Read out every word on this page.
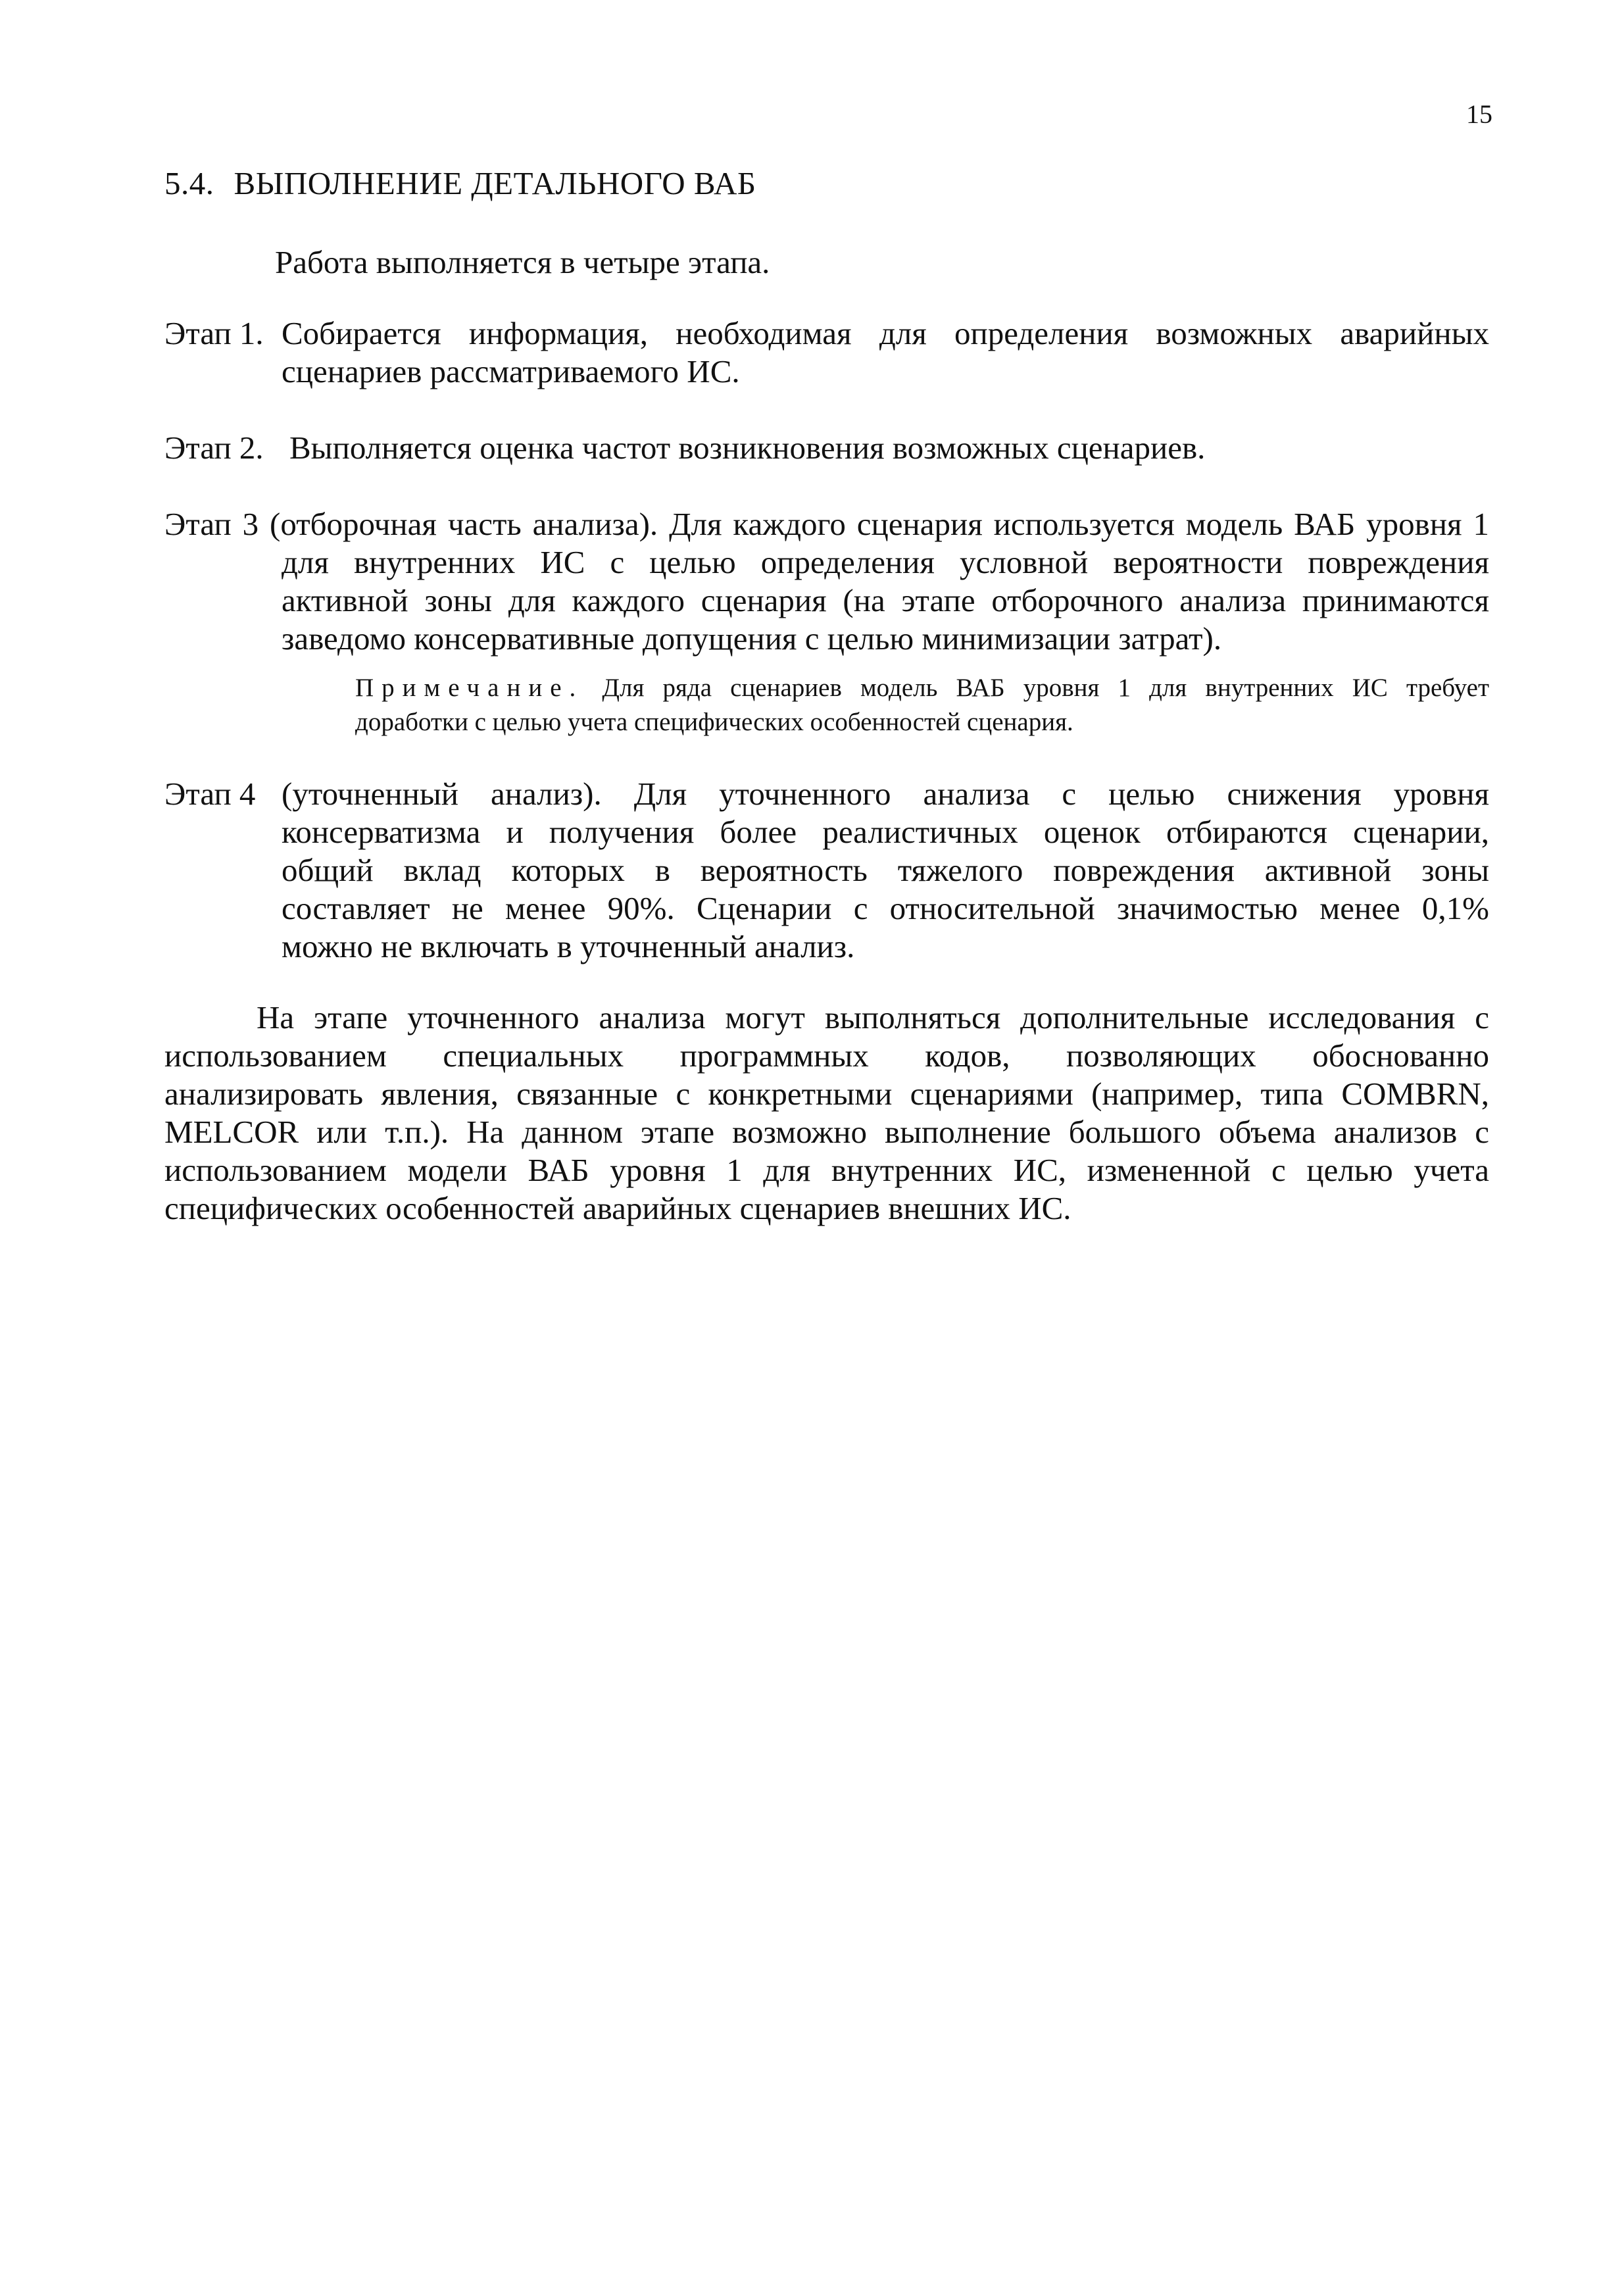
15
5.4. ВЫПОЛНЕНИЕ ДЕТАЛЬНОГО ВАБ
Работа выполняется в четыре этапа.
Этап 1. Собирается информация, необходимая для определения возможных аварийных
сценариев рассматриваемого ИС.
Этап 2. Выполняется оценка частот возникновения возможных сценариев.
Этап 3 (отборочная часть анализа). Для каждого сценария используется модель ВАБ уровня 1
для внутренних ИС с целью определения условной вероятности повреждения
активной зоны для каждого сценария (на этапе отборочного анализа принимаются
заведомо консервативные допущения с целью минимизации затрат).
Примечание. Для ряда сценариев модель ВАБ уровня 1 для внутренних ИС требует
доработки с целью учета специфических особенностей сценария.
Этап 4 (уточненный анализ). Для уточненного анализа с целью снижения уровня
консерватизма и получения более реалистичных оценок отбираются сценарии,
общий вклад которых в вероятность тяжелого повреждения активной зоны
составляет не менее 90%. Сценарии с относительной значимостью менее 0,1%
можно не включать в уточненный анализ.
На этапе уточненного анализа могут выполняться дополнительные исследования с
использованием специальных программных кодов, позволяющих обоснованно
анализировать явления, связанные с конкретными сценариями (например, типа COMBRN,
MELCOR или т.п.). На данном этапе возможно выполнение большого объема анализов с
использованием модели ВАБ уровня 1 для внутренних ИС, измененной с целью учета
специфических особенностей аварийных сценариев внешних ИС.
